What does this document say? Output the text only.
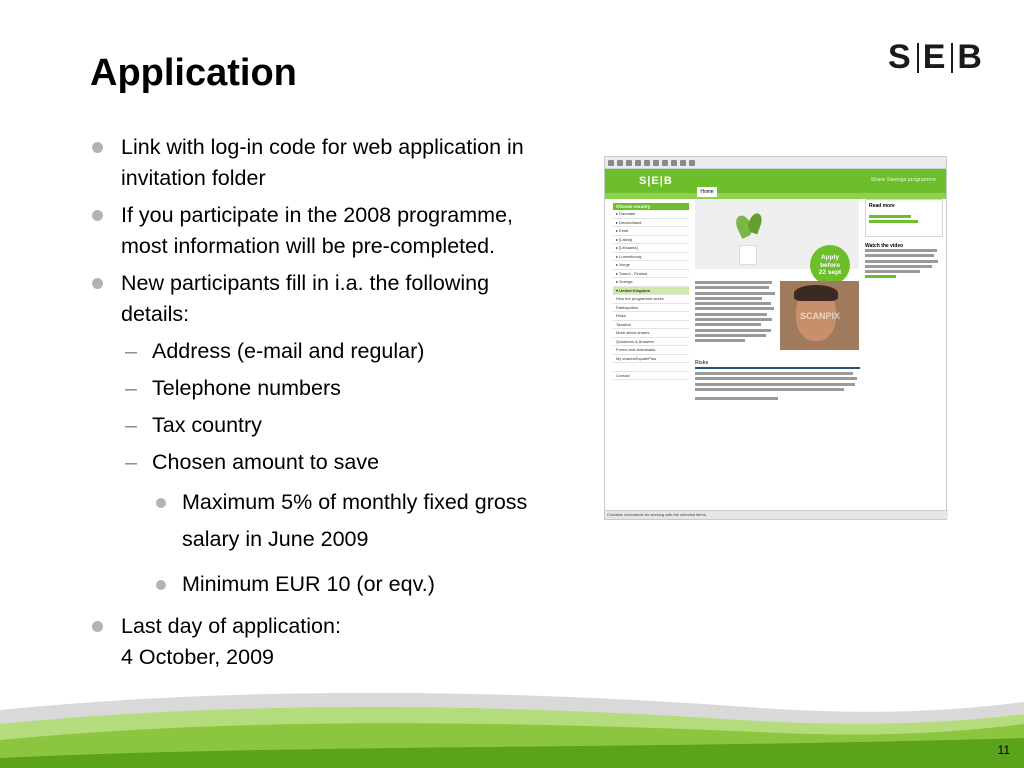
Application	S E B
Link with log-in code for web application in invitation folder
If you participate in the 2008 programme, most information will be pre-completed.
New participants fill in i.a. the following details:
– Address (e-mail and regular)
– Telephone numbers
– Tax country
– Chosen amount to save
Maximum 5% of monthly fixed gross salary in June 2009
Minimum EUR 10 (or eqv.)
Last day of application:
4 October, 2009
S|E|B	Share Savings programme
Home
Choose country
▸ Danmark
▸ Deutschland
▸ Eesti
▸ [Latvia]
▸ [Lithuania]
▸ Luxembourg
▸ Norge
▸ Suomi - Finland
▸ Sverige
▾ United Kingdom
How the programme works
Participation
Risks
Taxation
More about shares
Questions & Answers
Forms and downloads
My shares/EquatePlus

Contact
Apply
before
22 sept
SCANPIX
Risks
Read more
Watch the video
Contains commands for working with the selected items.
11
